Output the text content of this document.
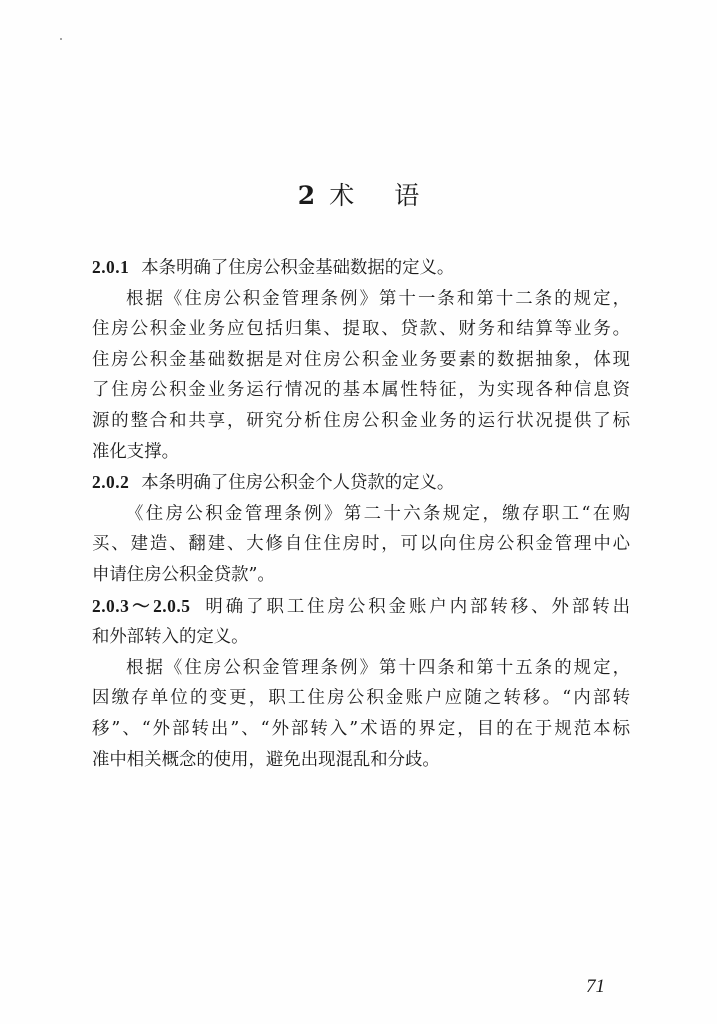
2 术 语
2.0.1 本条明确了住房公积金基础数据的定义。
根据《住房公积金管理条例》第十一条和第十二条的规定，
住房公积金业务应包括归集、提取、贷款、财务和结算等业务。
住房公积金基础数据是对住房公积金业务要素的数据抽象，体现
了住房公积金业务运行情况的基本属性特征，为实现各种信息资
源的整合和共享，研究分析住房公积金业务的运行状况提供了标
准化支撑。
2.0.2 本条明确了住房公积金个人贷款的定义。
《住房公积金管理条例》第二十六条规定，缴存职工“在购
买、建造、翻建、大修自住住房时，可以向住房公积金管理中心
申请住房公积金贷款”。
2.0.3～2.0.5 明确了职工住房公积金账户内部转移、外部转出
和外部转入的定义。
根据《住房公积金管理条例》第十四条和第十五条的规定，
因缴存单位的变更，职工住房公积金账户应随之转移。“内部转
移”、“外部转出”、“外部转入”术语的界定，目的在于规范本标
准中相关概念的使用，避免出现混乱和分歧。
71
